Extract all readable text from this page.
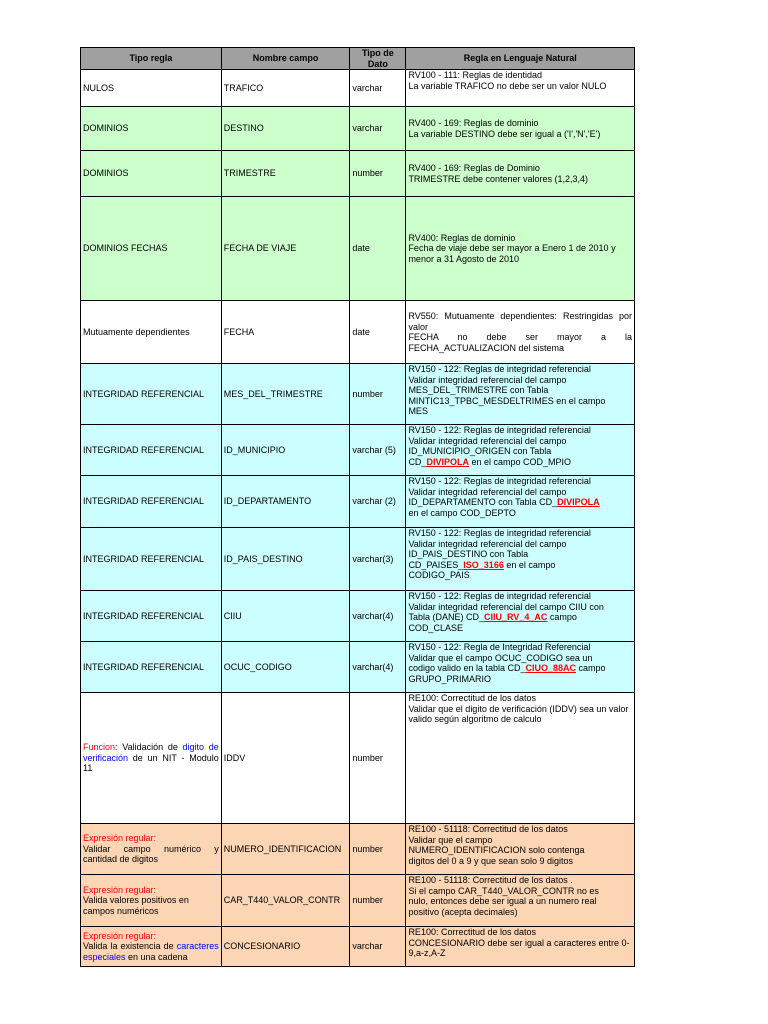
Tipo regla	Nombre campo	Tipo de Dato	Regla en Lenguaje Natural
NULOS	TRAFICO	varchar	RV100 - 111: Reglas de identidad
La variable TRAFICO no debe ser un valor NULO

DOMINIOS	DESTINO	varchar	RV400 - 169: Reglas de dominio
La variable DESTINO debe ser igual a ('I','N','E')

DOMINIOS	TRIMESTRE	number	RV400 - 169: Reglas de Dominio
TRIMESTRE debe contener valores (1,2,3,4)

DOMINIOS FECHAS	FECHA DE VIAJE	date	RV400: Reglas de dominio
Fecha de viaje debe ser mayor a Enero 1 de 2010 y menor a 31 Agosto de 2010

Mutuamente dependientes	FECHA	date	RV550: Mutuamente dependientes: Restringidas por valor
FECHA no debe ser mayor a la
FECHA_ACTUALIZACION del sistema

INTEGRIDAD REFERENCIAL	MES_DEL_TRIMESTRE	number	RV150 - 122: Reglas de integridad referencial
Validar integridad referencial del campo
MES_DEL_TRIMESTRE con Tabla
MINTIC13_TPBC_MESDELTRIMES en el campo
MES

INTEGRIDAD REFERENCIAL	ID_MUNICIPIO	varchar (5)	RV150 - 122: Reglas de integridad referencial
Validar integridad referencial del campo
ID_MUNICIPIO_ORIGEN con Tabla
CD_DIVIPOLA en el campo COD_MPIO

INTEGRIDAD REFERENCIAL	ID_DEPARTAMENTO	varchar (2)	RV150 - 122: Reglas de integridad referencial
Validar integridad referencial del campo
ID_DEPARTAMENTO con Tabla CD_DIVIPOLA
en el campo COD_DEPTO

INTEGRIDAD REFERENCIAL	ID_PAIS_DESTINO	varchar(3)	RV150 - 122: Reglas de integridad referencial
Validar integridad referencial del campo
ID_PAIS_DESTINO con Tabla
CD_PAISES_ISO_3166 en el campo
CODIGO_PAIS

INTEGRIDAD REFERENCIAL	CIIU	varchar(4)	RV150 - 122: Reglas de integridad referencial
Validar integridad referencial del campo CIIU con
Tabla (DANE) CD_CIIU_RV_4_AC campo
COD_CLASE

INTEGRIDAD REFERENCIAL	OCUC_CODIGO	varchar(4)	RV150 - 122: Regla de Integridad Referencial
Validar que el campo OCUC_CODIGO sea un
codigo valido en la tabla CD_CIUO_88AC campo
GRUPO_PRIMARIO

Funcion: Validación de digito de verificación de un NIT - Modulo 11	IDDV	number	RE100: Correctitud de los datos
Validar que el digito de verificación (IDDV) sea un valor valido según algoritmo de calculo

Expresión regular:
Validar campo numérico y cantidad de digitos	NUMERO_IDENTIFICACION	number	RE100 - 51118: Correctitud de los datos
Validar que el campo
NUMERO_IDENTIFICACION solo contenga
digitos del 0 a 9 y que sean solo 9 digitos

Expresión regular:
Valida valores positivos en campos numéricos	CAR_T440_VALOR_CONTR	number	RE100 - 51118: Correctitud de los datos .
Si el campo CAR_T440_VALOR_CONTR no es
nulo, entonces debe ser igual a un numero real
positivo (acepta decimales)

Expresión regular:
Valida la existencia de caracteres especiales en una cadena	CONCESIONARIO	varchar	RE100: Correctitud de los datos
CONCESIONARIO debe ser igual a caracteres entre 0-9,a-z,A-Z
